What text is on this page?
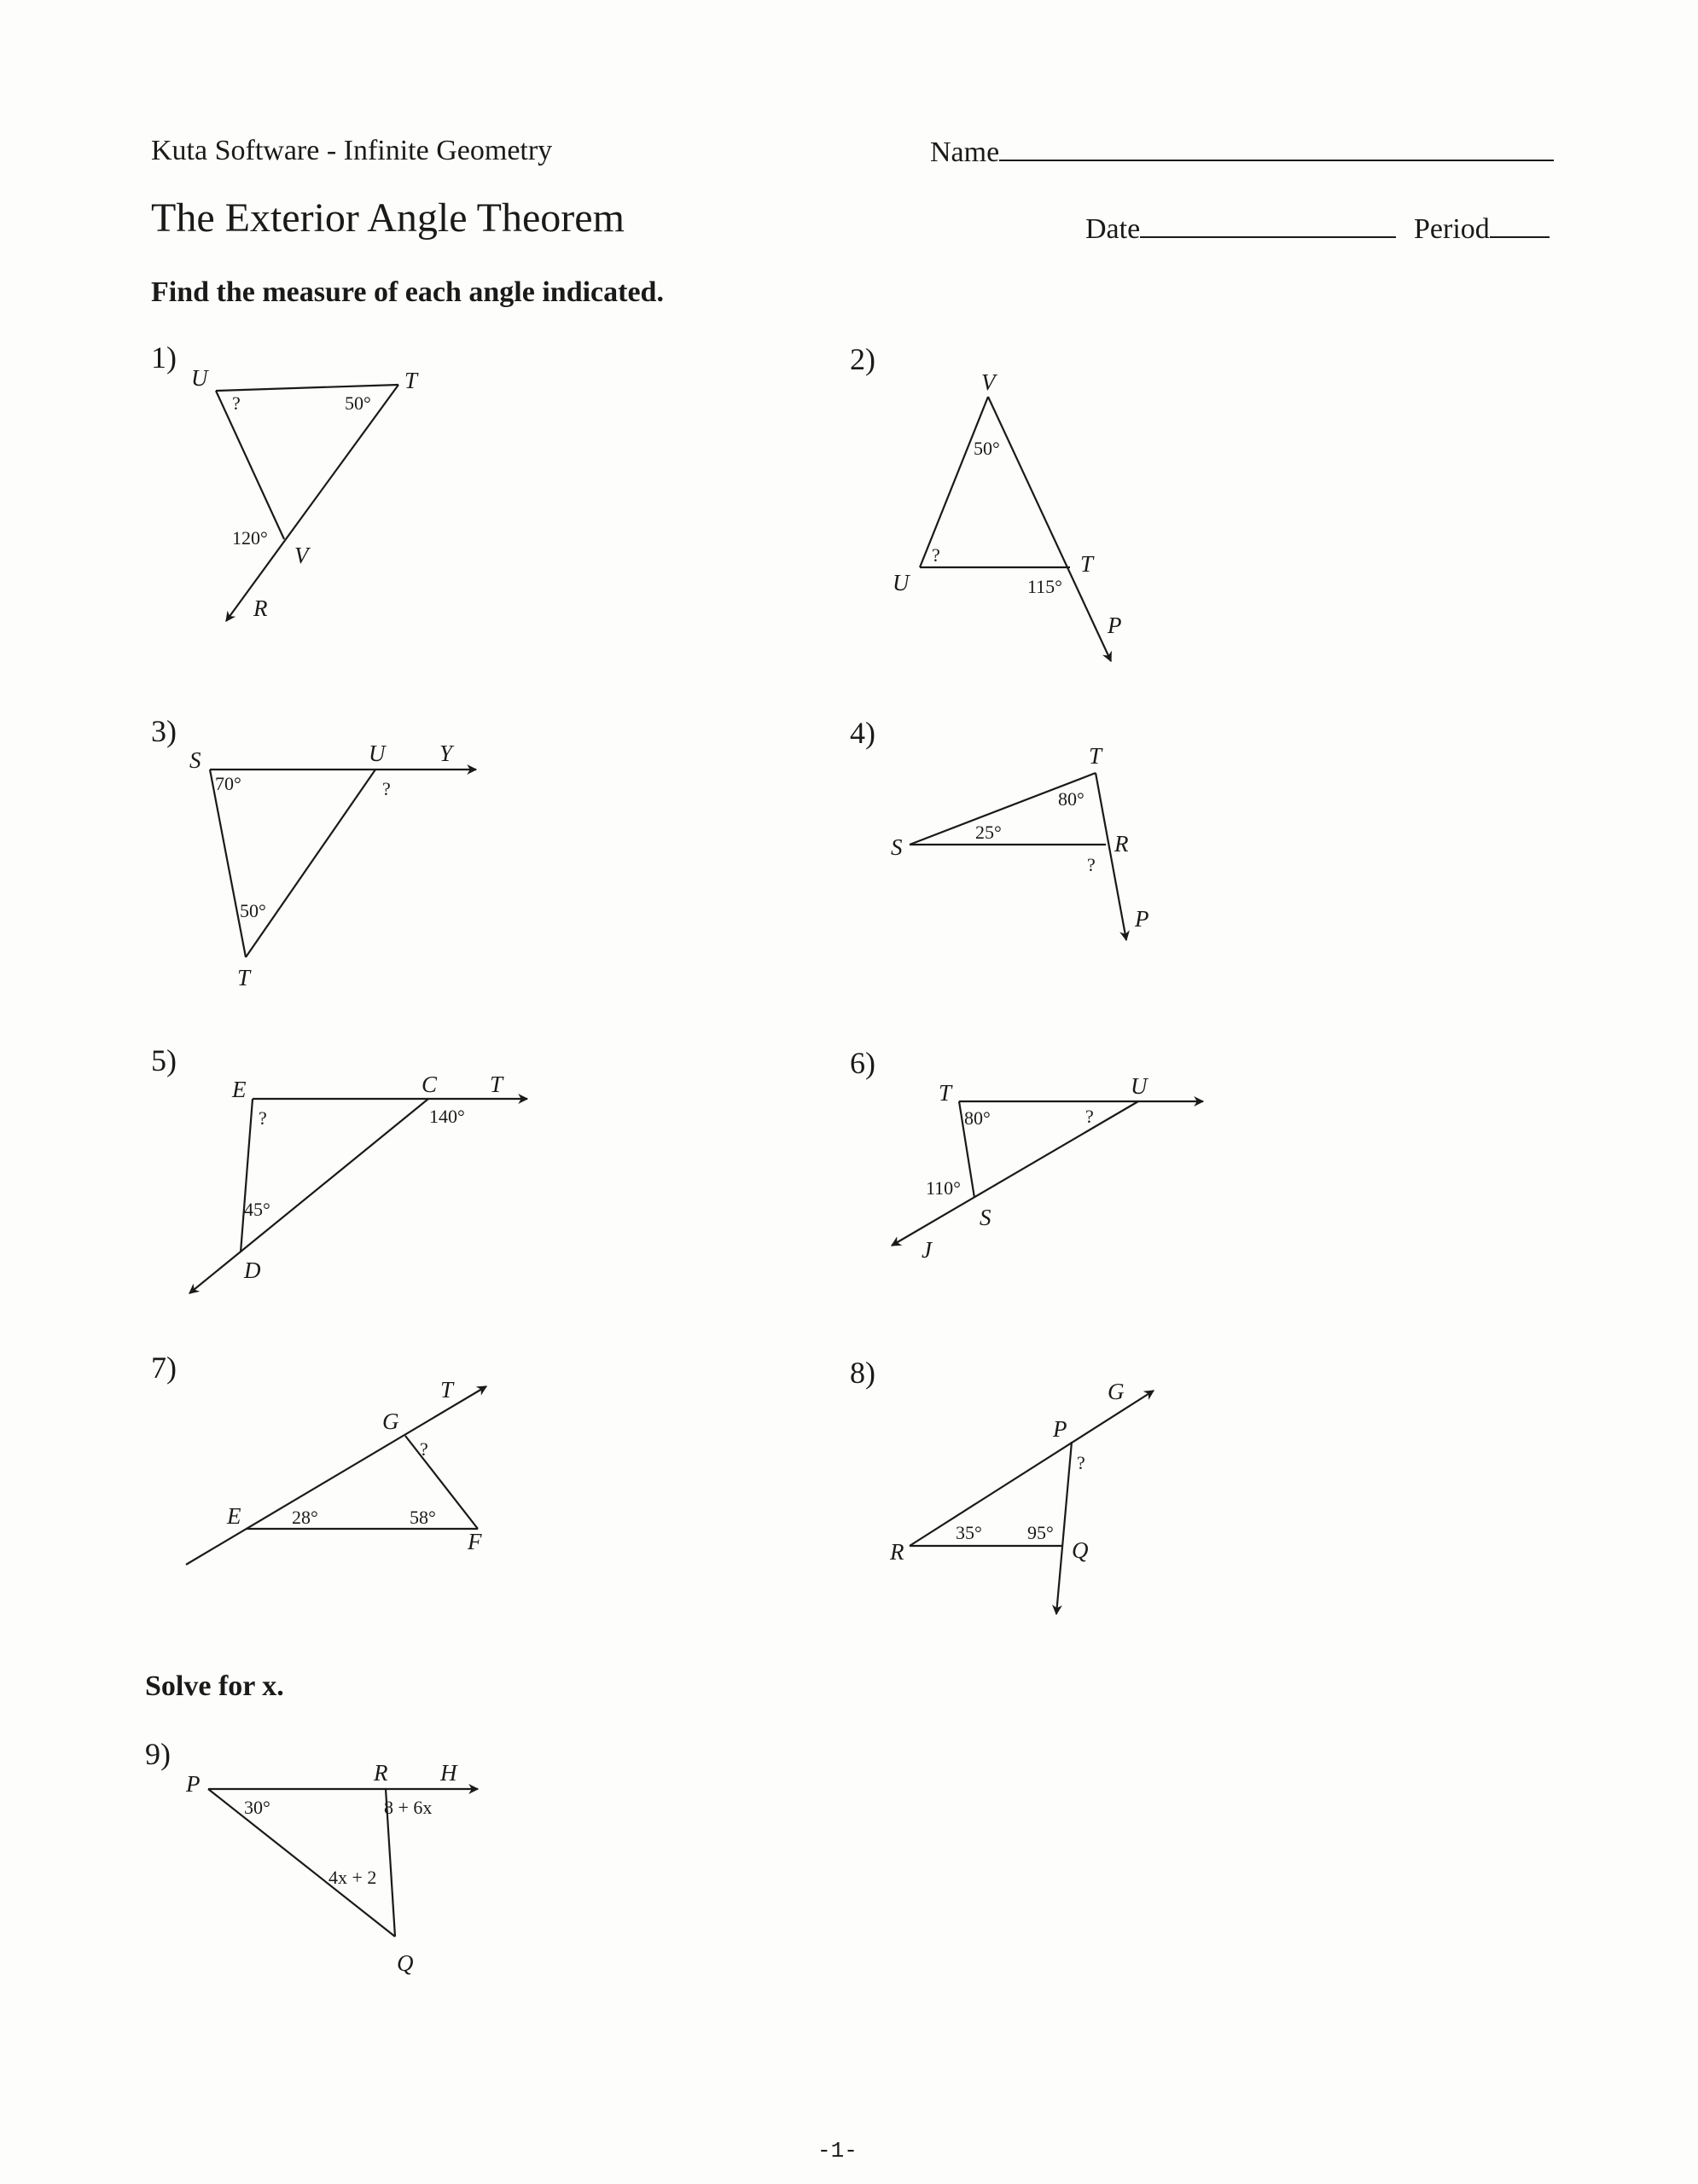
Kuta Software - Infinite Geometry
The Exterior Angle Theorem
Name
Date	Period
Find the measure of each angle indicated.
1)
U	T
V
R
?	50°
120°
2)
V
U
T
P
50°
?
115°
3)
S	U Y
T
70°	?
50°
4)
T
S	R
P
80°
25°
?
5)
E	C T
D
?	140°
45°
6)
T	U
S
J
80°	?
110°
7)
T
G
E
F
?
28°	58°
8)
G
P
R	Q
?
35° 95°
Solve for x.
9)
P	R H
Q
30°	8 + 6x
4x + 2
-1-
